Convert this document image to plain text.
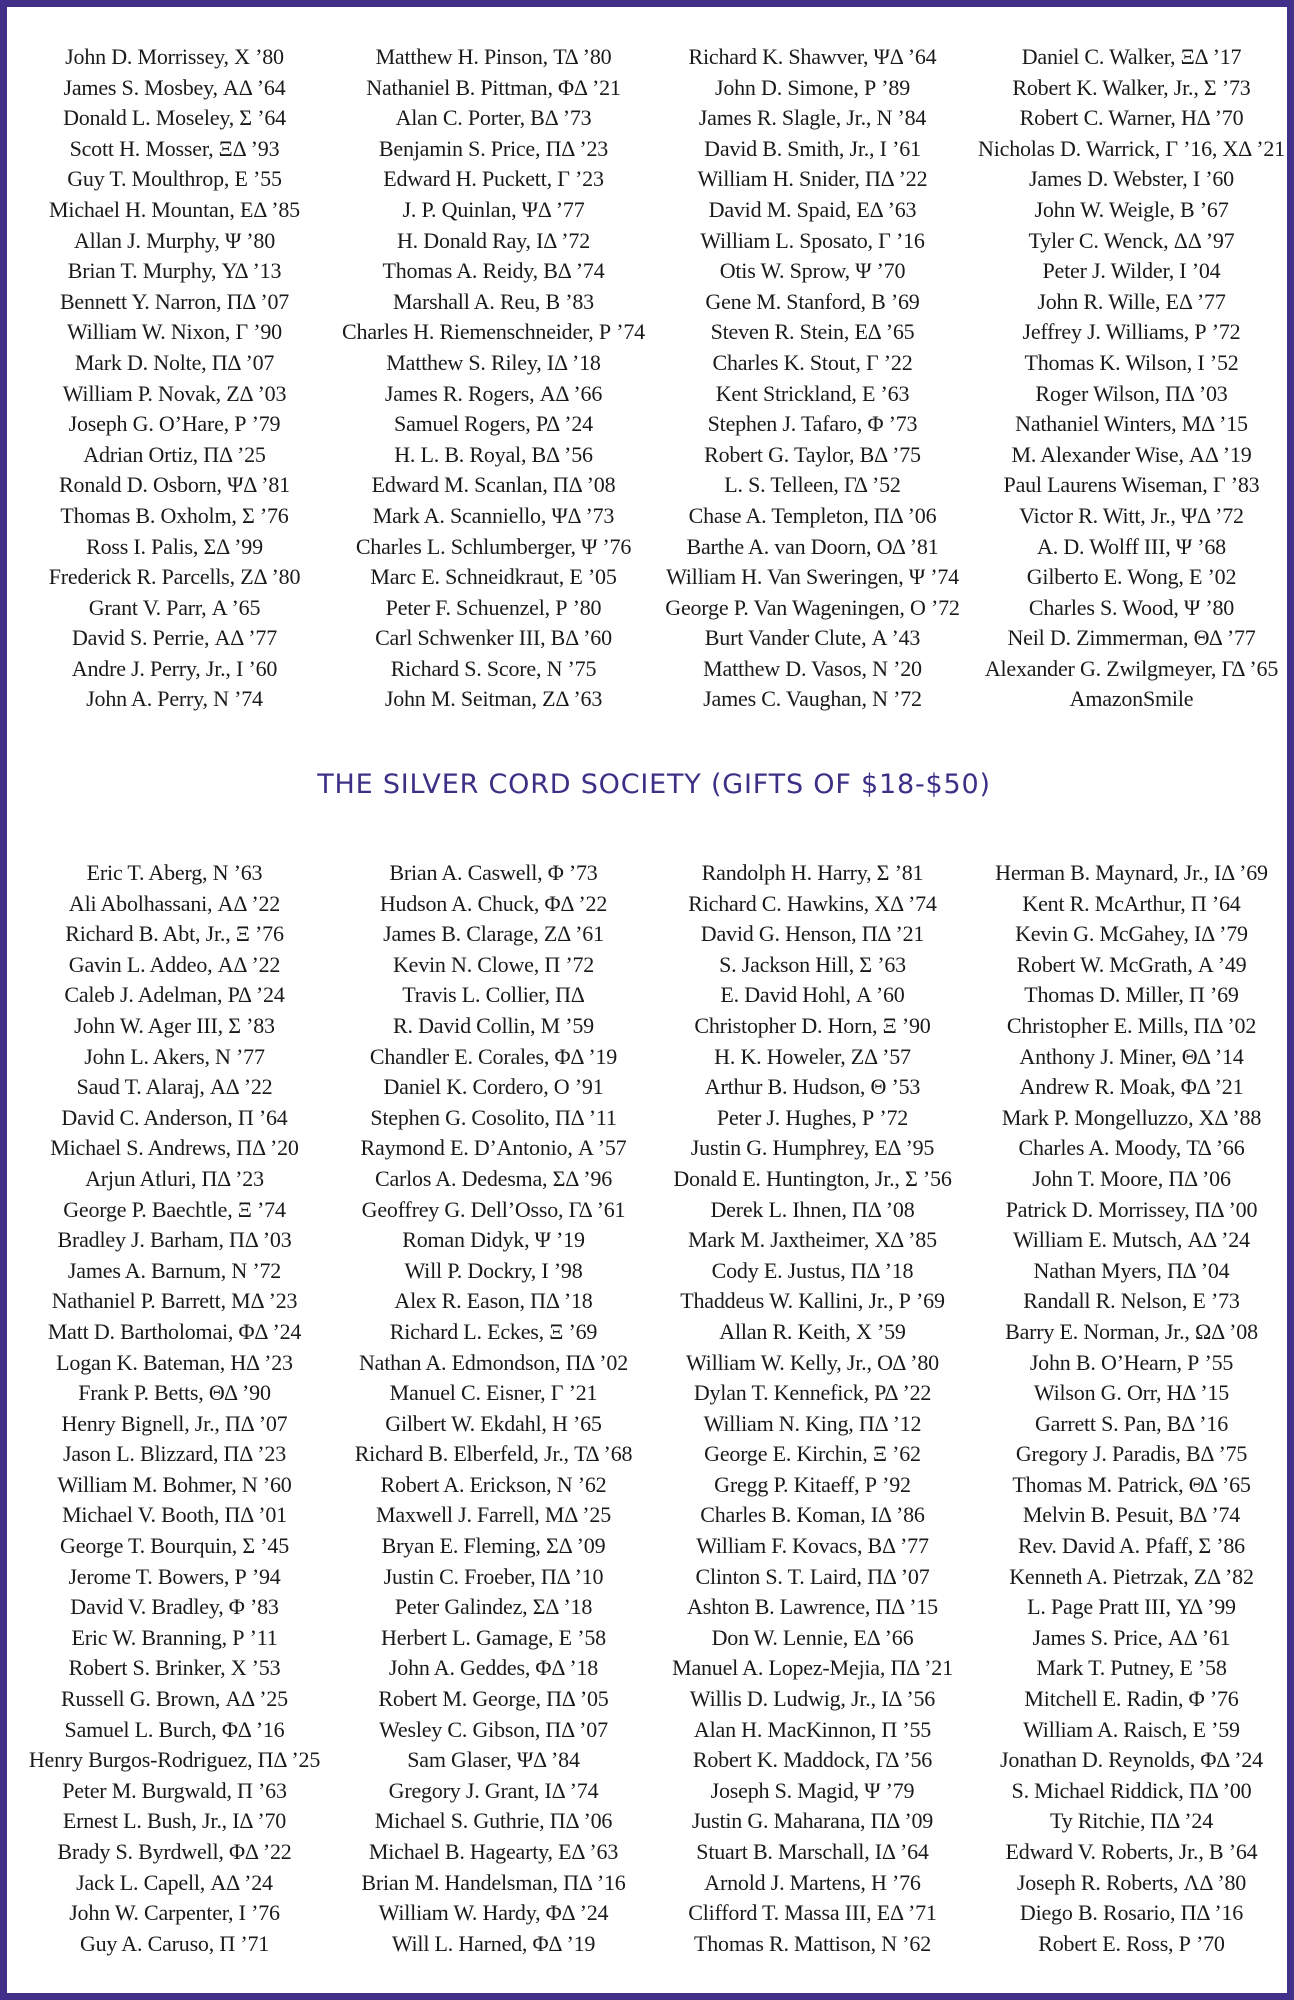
John D. Morrissey, Χ ’80
James S. Mosbey, ΑΔ ’64
Donald L. Moseley, Σ ’64
Scott H. Mosser, ΞΔ ’93
Guy T. Moulthrop, Ε ’55
Michael H. Mountan, ΕΔ ’85
Allan J. Murphy, Ψ ’80
Brian T. Murphy, ΥΔ ’13
Bennett Y. Narron, ΠΔ ’07
William W. Nixon, Γ ’90
Mark D. Nolte, ΠΔ ’07
William P. Novak, ΖΔ ’03
Joseph G. O’Hare, Ρ ’79
Adrian Ortiz, ΠΔ ’25
Ronald D. Osborn, ΨΔ ’81
Thomas B. Oxholm, Σ ’76
Ross I. Palis, ΣΔ ’99
Frederick R. Parcells, ΖΔ ’80
Grant V. Parr, Α ’65
David S. Perrie, ΑΔ ’77
Andre J. Perry, Jr., Ι ’60
John A. Perry, Ν ’74
Matthew H. Pinson, ΤΔ ’80
Nathaniel B. Pittman, ΦΔ ’21
Alan C. Porter, ΒΔ ’73
Benjamin S. Price, ΠΔ ’23
Edward H. Puckett, Γ ’23
J. P. Quinlan, ΨΔ ’77
H. Donald Ray, ΙΔ ’72
Thomas A. Reidy, ΒΔ ’74
Marshall A. Reu, Β ’83
Charles H. Riemenschneider, Ρ ’74
Matthew S. Riley, ΙΔ ’18
James R. Rogers, ΑΔ ’66
Samuel Rogers, ΡΔ ’24
H. L. B. Royal, ΒΔ ’56
Edward M. Scanlan, ΠΔ ’08
Mark A. Scanniello, ΨΔ ’73
Charles L. Schlumberger, Ψ ’76
Marc E. Schneidkraut, Ε ’05
Peter F. Schuenzel, Ρ ’80
Carl Schwenker III, ΒΔ ’60
Richard S. Score, Ν ’75
John M. Seitman, ΖΔ ’63
Richard K. Shawver, ΨΔ ’64
John D. Simone, Ρ ’89
James R. Slagle, Jr., Ν ’84
David B. Smith, Jr., Ι ’61
William H. Snider, ΠΔ ’22
David M. Spaid, ΕΔ ’63
William L. Sposato, Γ ’16
Otis W. Sprow, Ψ ’70
Gene M. Stanford, Β ’69
Steven R. Stein, ΕΔ ’65
Charles K. Stout, Γ ’22
Kent Strickland, Ε ’63
Stephen J. Tafaro, Φ ’73
Robert G. Taylor, ΒΔ ’75
L. S. Telleen, ΓΔ ’52
Chase A. Templeton, ΠΔ ’06
Barthe A. van Doorn, ΟΔ ’81
William H. Van Sweringen, Ψ ’74
George P. Van Wageningen, Ο ’72
Burt Vander Clute, Α ’43
Matthew D. Vasos, Ν ’20
James C. Vaughan, Ν ’72
Daniel C. Walker, ΞΔ ’17
Robert K. Walker, Jr., Σ ’73
Robert C. Warner, ΗΔ ’70
Nicholas D. Warrick, Γ ’16, ΧΔ ’21
James D. Webster, Ι ’60
John W. Weigle, Β ’67
Tyler C. Wenck, ΔΔ ’97
Peter J. Wilder, Ι ’04
John R. Wille, ΕΔ ’77
Jeffrey J. Williams, Ρ ’72
Thomas K. Wilson, Ι ’52
Roger Wilson, ΠΔ ’03
Nathaniel Winters, ΜΔ ’15
M. Alexander Wise, ΑΔ ’19
Paul Laurens Wiseman, Γ ’83
Victor R. Witt, Jr., ΨΔ ’72
A. D. Wolff III, Ψ ’68
Gilberto E. Wong, Ε ’02
Charles S. Wood, Ψ ’80
Neil D. Zimmerman, ΘΔ ’77
Alexander G. Zwilgmeyer, ΓΔ ’65
AmazonSmile
THE SILVER CORD SOCIETY (GIFTS OF $18-$50)
Eric T. Aberg, Ν ’63
Ali Abolhassani, ΑΔ ’22
Richard B. Abt, Jr., Ξ ’76
Gavin L. Addeo, ΑΔ ’22
Caleb J. Adelman, ΡΔ ’24
John W. Ager III, Σ ’83
John L. Akers, Ν ’77
Saud T. Alaraj, ΑΔ ’22
David C. Anderson, Π ’64
Michael S. Andrews, ΠΔ ’20
Arjun Atluri, ΠΔ ’23
George P. Baechtle, Ξ ’74
Bradley J. Barham, ΠΔ ’03
James A. Barnum, Ν ’72
Nathaniel P. Barrett, ΜΔ ’23
Matt D. Bartholomai, ΦΔ ’24
Logan K. Bateman, ΗΔ ’23
Frank P. Betts, ΘΔ ’90
Henry Bignell, Jr., ΠΔ ’07
Jason L. Blizzard, ΠΔ ’23
William M. Bohmer, Ν ’60
Michael V. Booth, ΠΔ ’01
George T. Bourquin, Σ ’45
Jerome T. Bowers, Ρ ’94
David V. Bradley, Φ ’83
Eric W. Branning, Ρ ’11
Robert S. Brinker, Χ ’53
Russell G. Brown, ΑΔ ’25
Samuel L. Burch, ΦΔ ’16
Henry Burgos-Rodriguez, ΠΔ ’25
Peter M. Burgwald, Π ’63
Ernest L. Bush, Jr., ΙΔ ’70
Brady S. Byrdwell, ΦΔ ’22
Jack L. Capell, ΑΔ ’24
John W. Carpenter, Ι ’76
Guy A. Caruso, Π ’71
Brian A. Caswell, Φ ’73
Hudson A. Chuck, ΦΔ ’22
James B. Clarage, ΖΔ ’61
Kevin N. Clowe, Π ’72
Travis L. Collier, ΠΔ
R. David Collin, Μ ’59
Chandler E. Corales, ΦΔ ’19
Daniel K. Cordero, Ο ’91
Stephen G. Cosolito, ΠΔ ’11
Raymond E. D’Antonio, Α ’57
Carlos A. Dedesma, ΣΔ ’96
Geoffrey G. Dell’Osso, ΓΔ ’61
Roman Didyk, Ψ ’19
Will P. Dockry, Ι ’98
Alex R. Eason, ΠΔ ’18
Richard L. Eckes, Ξ ’69
Nathan A. Edmondson, ΠΔ ’02
Manuel C. Eisner, Γ ’21
Gilbert W. Ekdahl, Η ’65
Richard B. Elberfeld, Jr., ΤΔ ’68
Robert A. Erickson, Ν ’62
Maxwell J. Farrell, ΜΔ ’25
Bryan E. Fleming, ΣΔ ’09
Justin C. Froeber, ΠΔ ’10
Peter Galindez, ΣΔ ’18
Herbert L. Gamage, Ε ’58
John A. Geddes, ΦΔ ’18
Robert M. George, ΠΔ ’05
Wesley C. Gibson, ΠΔ ’07
Sam Glaser, ΨΔ ’84
Gregory J. Grant, ΙΔ ’74
Michael S. Guthrie, ΠΔ ’06
Michael B. Hagearty, ΕΔ ’63
Brian M. Handelsman, ΠΔ ’16
William W. Hardy, ΦΔ ’24
Will L. Harned, ΦΔ ’19
Randolph H. Harry, Σ ’81
Richard C. Hawkins, ΧΔ ’74
David G. Henson, ΠΔ ’21
S. Jackson Hill, Σ ’63
E. David Hohl, Α ’60
Christopher D. Horn, Ξ ’90
H. K. Howeler, ΖΔ ’57
Arthur B. Hudson, Θ ’53
Peter J. Hughes, Ρ ’72
Justin G. Humphrey, ΕΔ ’95
Donald E. Huntington, Jr., Σ ’56
Derek L. Ihnen, ΠΔ ’08
Mark M. Jaxtheimer, ΧΔ ’85
Cody E. Justus, ΠΔ ’18
Thaddeus W. Kallini, Jr., Ρ ’69
Allan R. Keith, Χ ’59
William W. Kelly, Jr., ΟΔ ’80
Dylan T. Kennefick, ΡΔ ’22
William N. King, ΠΔ ’12
George E. Kirchin, Ξ ’62
Gregg P. Kitaeff, Ρ ’92
Charles B. Koman, ΙΔ ’86
William F. Kovacs, ΒΔ ’77
Clinton S. T. Laird, ΠΔ ’07
Ashton B. Lawrence, ΠΔ ’15
Don W. Lennie, ΕΔ ’66
Manuel A. Lopez-Mejia, ΠΔ ’21
Willis D. Ludwig, Jr., ΙΔ ’56
Alan H. MacKinnon, Π ’55
Robert K. Maddock, ΓΔ ’56
Joseph S. Magid, Ψ ’79
Justin G. Maharana, ΠΔ ’09
Stuart B. Marschall, ΙΔ ’64
Arnold J. Martens, Η ’76
Clifford T. Massa III, ΕΔ ’71
Thomas R. Mattison, Ν ’62
Herman B. Maynard, Jr., ΙΔ ’69
Kent R. McArthur, Π ’64
Kevin G. McGahey, ΙΔ ’79
Robert W. McGrath, Α ’49
Thomas D. Miller, Π ’69
Christopher E. Mills, ΠΔ ’02
Anthony J. Miner, ΘΔ ’14
Andrew R. Moak, ΦΔ ’21
Mark P. Mongelluzzo, ΧΔ ’88
Charles A. Moody, ΤΔ ’66
John T. Moore, ΠΔ ’06
Patrick D. Morrissey, ΠΔ ’00
William E. Mutsch, ΑΔ ’24
Nathan Myers, ΠΔ ’04
Randall R. Nelson, Ε ’73
Barry E. Norman, Jr., ΩΔ ’08
John B. O’Hearn, Ρ ’55
Wilson G. Orr, ΗΔ ’15
Garrett S. Pan, ΒΔ ’16
Gregory J. Paradis, ΒΔ ’75
Thomas M. Patrick, ΘΔ ’65
Melvin B. Pesuit, ΒΔ ’74
Rev. David A. Pfaff, Σ ’86
Kenneth A. Pietrzak, ΖΔ ’82
L. Page Pratt III, ΥΔ ’99
James S. Price, ΑΔ ’61
Mark T. Putney, Ε ’58
Mitchell E. Radin, Φ ’76
William A. Raisch, Ε ’59
Jonathan D. Reynolds, ΦΔ ’24
S. Michael Riddick, ΠΔ ’00
Ty Ritchie, ΠΔ ’24
Edward V. Roberts, Jr., Β ’64
Joseph R. Roberts, ΛΔ ’80
Diego B. Rosario, ΠΔ ’16
Robert E. Ross, Ρ ’70
